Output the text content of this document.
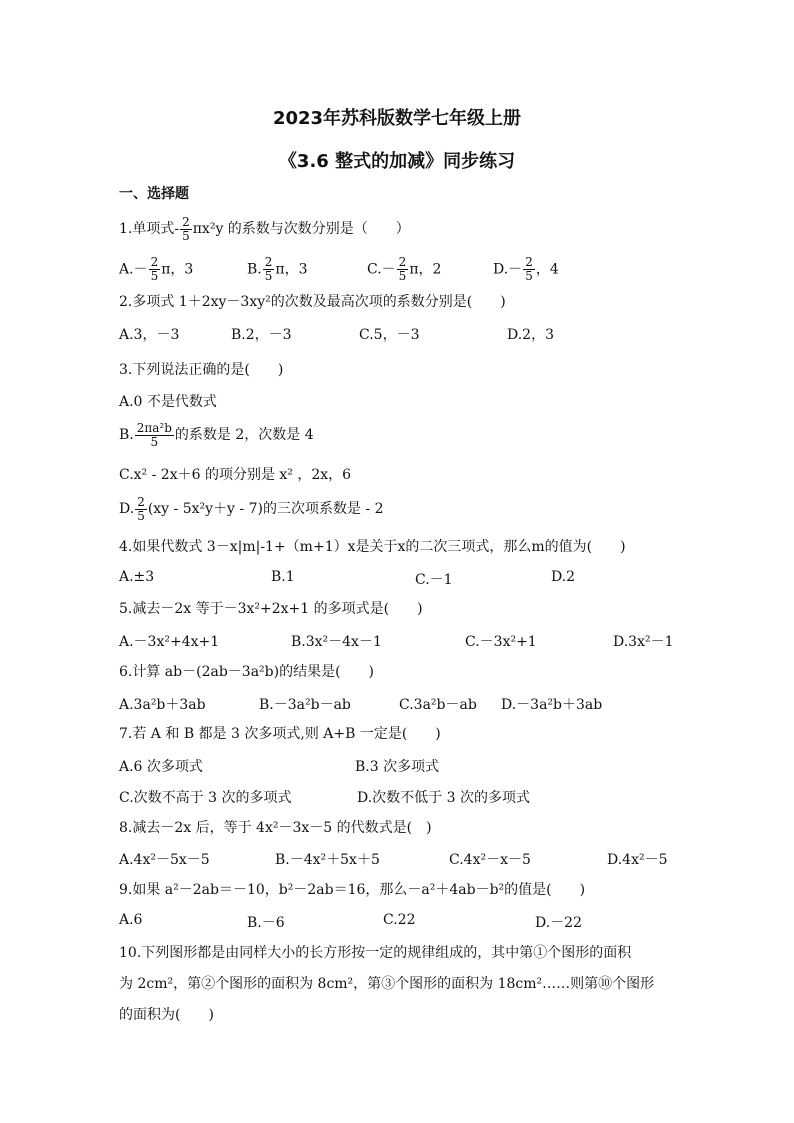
2023年苏科版数学七年级上册
《3.6 整式的加减》同步练习
一、选择题
1.单项式- $\frac{2}{5} \pi x^2y$ 的系数与次数分别是（　　）
$A.- \frac{2}{5}$ π，3	B. $\frac{2}{5}$ π，3	$C.- \frac{2}{5}$ π，2	$D.- \frac{2}{5}$ ，4
2.多项式 1＋2xy－3xy²的次数及最高次项的系数分别是(　　)
A.3，－3	B.2，－3	C.5，－3	D.2，3
3.下列说法正确的是(　　)
A.0 不是代数式
B. $\frac{\text{2πa²b}}{5}$ 的系数是 2，次数是 4
C.x² - 2x＋6 的项分别是 x² ，2x，6
D. $\frac{2}{5} (xy - 5x^2y+y - 7)$的三次项系数是 - 2
4.如果代数式 3－x|m|-1+（m+1）x是关于x的二次三项式，那么m的值为(　　)
A.±3	B.1	C.－1	D.2
5.减去－2x 等于－3x²+2x+1 的多项式是(　　)
A.－3x²+4x+1	B.3x²－4x－1	C.－3x²+1	D.3x²－1
6.计算 ab－(2ab－3a²b)的结果是(　　)
A.3a²b＋3ab	B.－3a²b－ab	C.3a²b－ab D.－3a²b＋3ab
7.若 A 和 B 都是 3 次多项式,则 A+B 一定是(　　)
A.6 次多项式	B.3 次多项式
C.次数不高于 3 次的多项式	D.次数不低于 3 次的多项式
8.减去－2x 后，等于 4x²－3x－5 的代数式是(　)
A.4x²－5x－5	B.－4x²＋5x＋5	C.4x²－x－5	D.4x²－5
9.如果 a²－2ab＝－10，b²－2ab＝16，那么－a²＋4ab－b²的值是(　　)
A.6	B.－6	C.22	D.－22
10.下列图形都是由同样大小的长方形按一定的规律组成的，其中第①个图形的面积
为 2cm²，第②个图形的面积为 8cm²，第③个图形的面积为 18cm²……则第⑩个图形
的面积为(　　)
